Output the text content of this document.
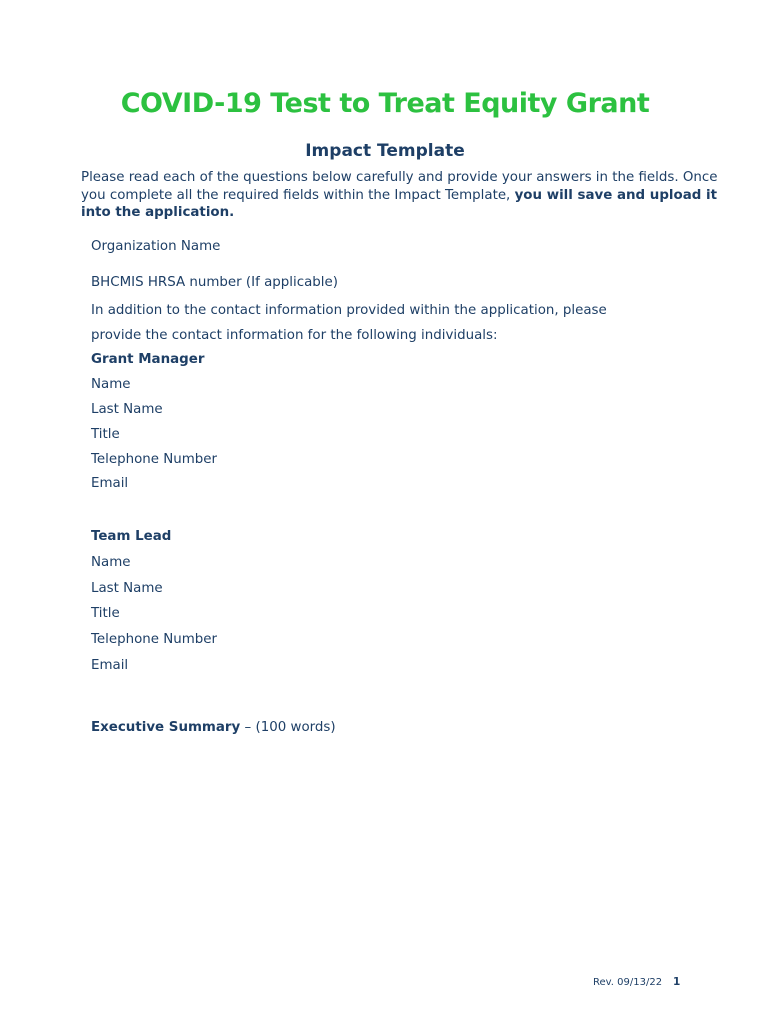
COVID-19 Test to Treat Equity Grant
Impact Template
Please read each of the questions below carefully and provide your answers in the fields. Once you complete all the required fields within the Impact Template, you will save and upload it into the application.
Organization Name
BHCMIS HRSA number (If applicable)
In addition to the contact information provided within the application, please
provide the contact information for the following individuals:
Grant Manager
Name
Last Name
Title
Telephone Number
Email
Team Lead
Name
Last Name
Title
Telephone Number
Email
Executive Summary – (100 words)
Rev. 09/13/22 1
